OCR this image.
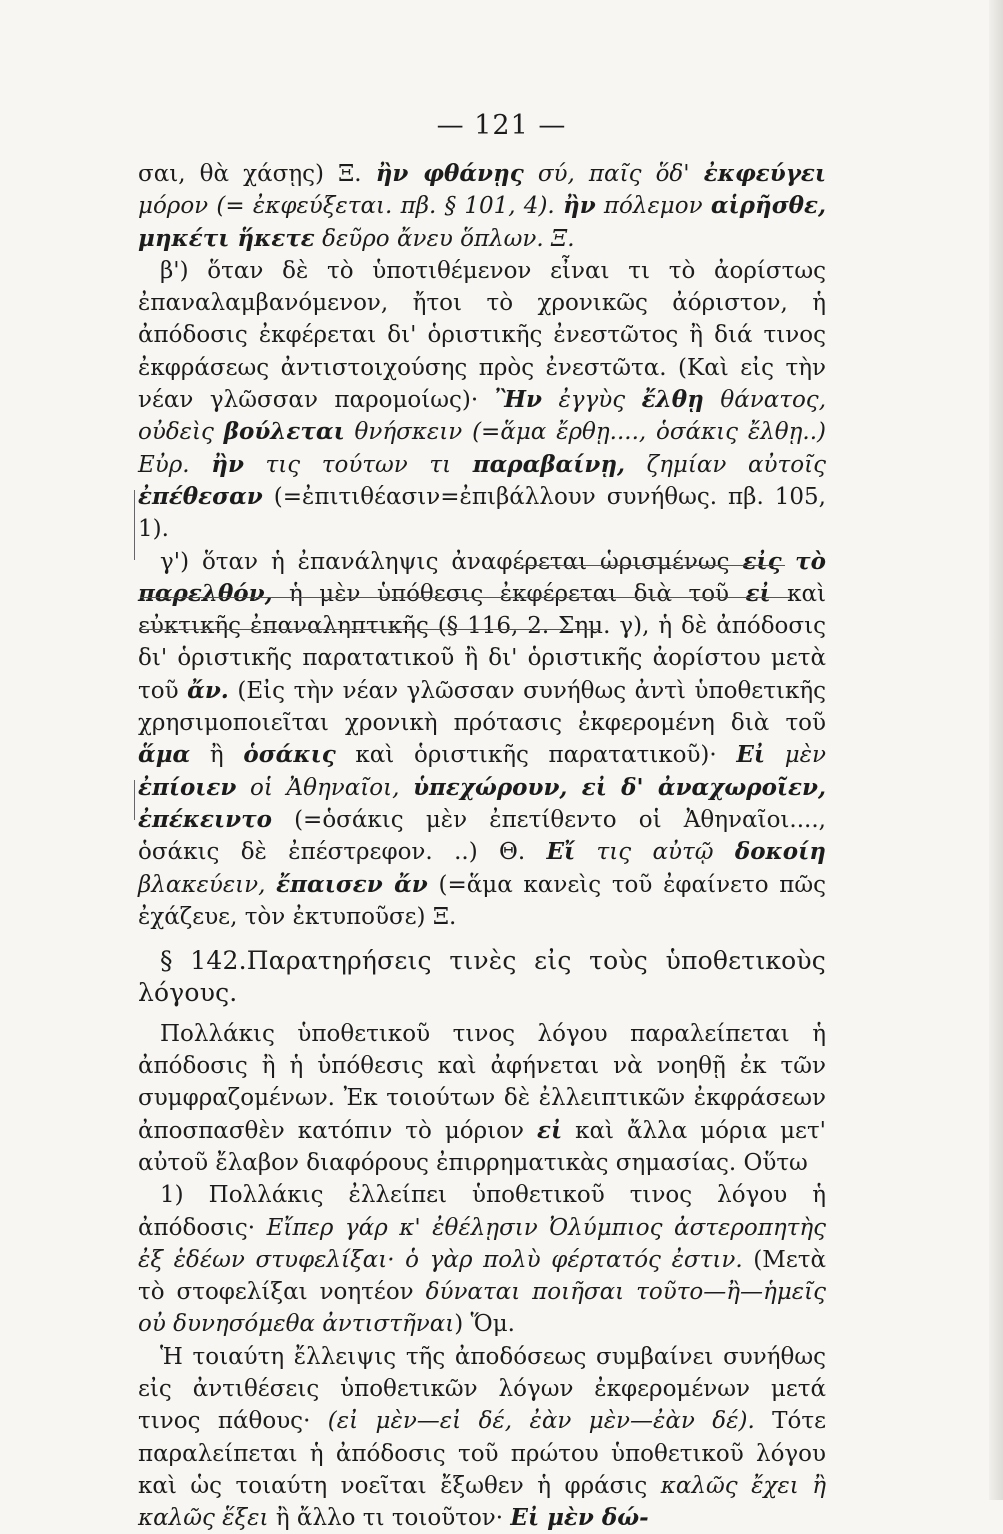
— 121 —

σαι, θὰ χάσῃς) Ξ. ἢν φθάνῃς σύ, παῖς ὅδ' ἐκφεύγει μόρον (= ἐκφεύξεται. πβ. § 101, 4). ἢν πόλεμον αἱρῆσθε, μηκέτι ἥκετε δεῦρο ἄνευ ὅπλων. Ξ.

β') ὅταν δὲ τὸ ὑποτιθέμενον εἶναι τι τὸ ἀορίστως ἐπαναλαμβανόμενον, ἤτοι τὸ χρονικῶς ἀόριστον, ἡ ἀπόδοσις ἐκφέρεται δι' ὁριστικῆς ἐνεστῶτος ἢ διά τινος ἐκφράσεως ἀντιστοιχούσης πρὸς ἐνεστῶτα. (Καὶ εἰς τὴν νέαν γλῶσσαν παρομοίως)· Ἢν ἐγγὺς ἔλθῃ θάνατος, οὐδεὶς βούλεται θνήσκειν (=ἅμα ἔρθῃ...., ὁσάκις ἔλθῃ..) Εὐρ. ἢν τις τούτων τι παραβαίνῃ, ζημίαν αὐτοῖς ἐπέθεσαν (=ἐπιτιθέασιν=ἐπιβάλλουν συνήθως. πβ. 105, 1).

γ') ὅταν ἡ ἐπανάληψις ἀναφέρεται ὡρισμένως εἰς τὸ παρελθόν, ἡ μὲν ὑπόθεσις ἐκφέρεται διὰ τοῦ εἰ καὶ εὐκτικῆς ἐπαναληπτικῆς (§ 116, 2. Σημ. γ), ἡ δὲ ἀπόδοσις δι' ὁριστικῆς παρατατικοῦ ἢ δι' ὁριστικῆς ἀορίστου μετὰ τοῦ ἄν. (Εἰς τὴν νέαν γλῶσσαν συνήθως ἀντὶ ὑποθετικῆς χρησιμοποιεῖται χρονικὴ πρότασις ἐκφερομένη διὰ τοῦ ἅμα ἢ ὁσάκις καὶ ὁριστικῆς παρατατικοῦ)· Εἰ μὲν ἐπίοιεν οἱ Ἀθηναῖοι, ὑπεχώρουν, εἰ δ' ἀναχωροῖεν, ἐπέκειντο (=ὁσάκις μὲν ἐπετίθεντο οἱ Ἀθηναῖοι...., ὁσάκις δὲ ἐπέστρεφον. ..) Θ. Εἴ τις αὐτῷ δοκοίη βλακεύειν, ἔπαισεν ἄν (=ἅμα κανεὶς τοῦ ἐφαίνετο πῶς ἐχάζευε, τὸν ἐκτυποῦσε) Ξ.

§ 142.Παρατηρήσεις τινὲς εἰς τοὺς ὑποθετικοὺς λόγους.

Πολλάκις ὑποθετικοῦ τινος λόγου παραλείπεται ἡ ἀπόδοσις ἢ ἡ ὑπόθεσις καὶ ἀφήνεται νὰ νοηθῇ ἐκ τῶν συμφραζομένων. Ἐκ τοιούτων δὲ ἐλλειπτικῶν ἐκφράσεων ἀποσπασθὲν κατόπιν τὸ μόριον εἰ καὶ ἄλλα μόρια μετ' αὐτοῦ ἔλαβον διαφόρους ἐπιρρηματικὰς σημασίας. Οὕτω

1) Πολλάκις ἐλλείπει ὑποθετικοῦ τινος λόγου ἡ ἀπόδοσις· Εἴπερ γάρ κ' ἐθέλῃσιν Ὀλύμπιος ἀστεροπητὴς ἐξ ἑδέων στυφελίξαι· ὁ γὰρ πολὺ φέρτατός ἐστιν. (Μετὰ τὸ στοφελίξαι νοητέον δύναται ποιῆσαι τοῦτο—ἢ—ἡμεῖς οὐ δυνησόμεθα ἀντιστῆναι) Ὅμ.

Ἡ τοιαύτη ἔλλειψις τῆς ἀποδόσεως συμβαίνει συνήθως εἰς ἀντιθέσεις ὑποθετικῶν λόγων ἐκφερομένων μετά τινος πάθους· (εἰ μὲν—εἰ δέ, ἐὰν μὲν—ἐὰν δέ). Τότε παραλείπεται ἡ ἀπόδοσις τοῦ πρώτου ὑποθετικοῦ λόγου καὶ ὡς τοιαύτη νοεῖται ἔξωθεν ἡ φράσις καλῶς ἔχει ἢ καλῶς ἕξει ἢ ἄλλο τι τοιοῦτον· Εἰ μὲν δώ-
